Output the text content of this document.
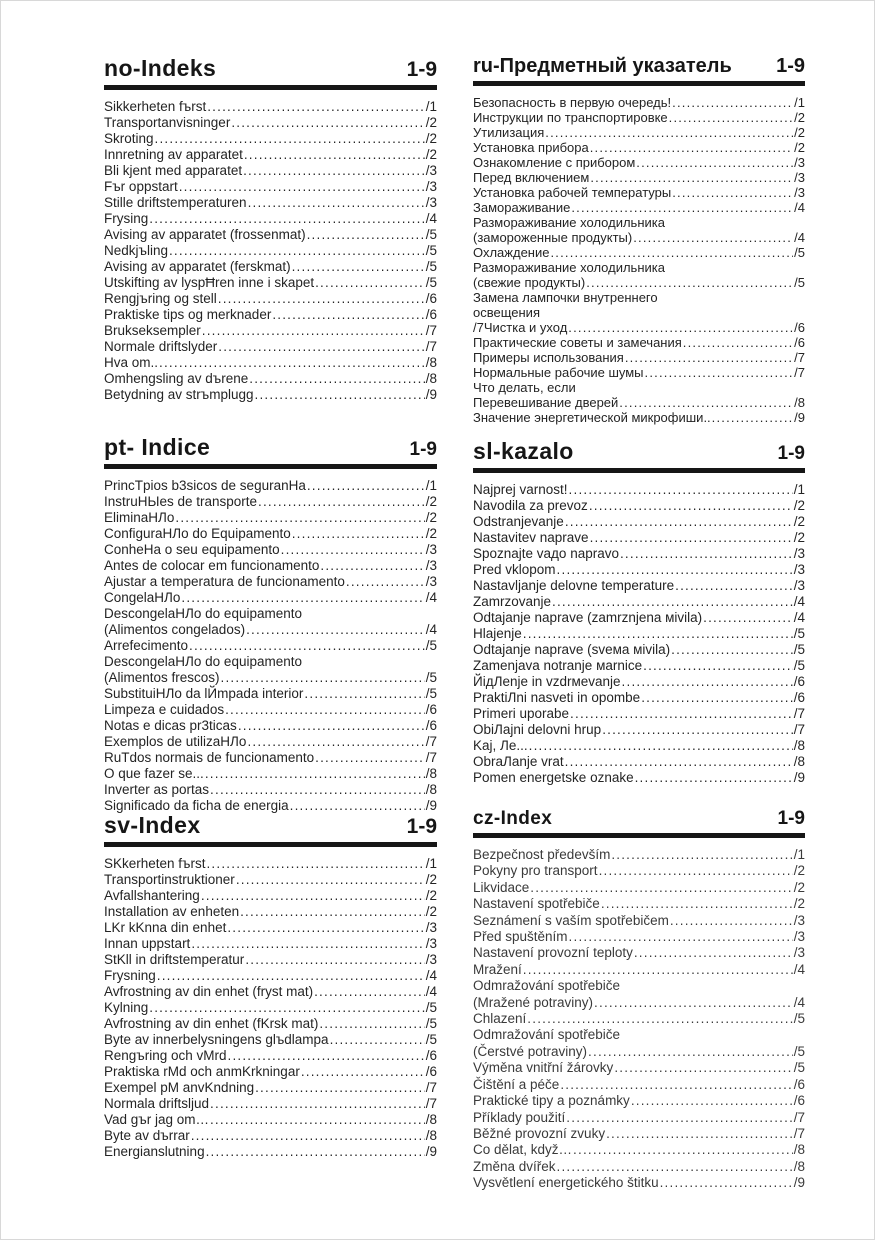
no-Indeks	1-9
Sikkerheten fъrst .....	/1
Transportanvisninger .....	/2
Skroting .....	/2
Innretning av apparatet .....	/2
Bli kjent med apparatet .....	/3
Fъr oppstart .....	/3
Stille driftstemperaturen .....	/3
Frysing .....	/4
Avising av apparatet (frossenmat) .....	/5
Nedkjъling .....	/5
Avising av apparatet (ferskmat) .....	/5
Utskifting av lyspĦren inne i skapet .....	/5
Rengjъring og stell .....	/6
Praktiske tips og merknader .....	/6
Brukseksempler .....	/7
Normale driftslyder .....	/7
Hva om.. .....	/8
Omhengsling av dъrene .....	/8
Betydning av strъmplugg .....	/9
ru-Предметный указатель 1-9
Безопасность в первую очередь! .....	/1
Инструкции по транспортировке .....	/2
Утилизация .....	/2
Установка прибора .....	/2
Ознакомление с прибором .....	/3
Перед включением .....	/3
Установка рабочей температуры .....	/3
Замораживание .....	/4
Размораживание холодильника
(замороженные продукты) .....	/4
Охлаждение .....	/5
Размораживание холодильника
(свежие продукты) .....	/5
Замена лампочки внутреннего
освещения
/7Чистка и уход .....	/6
Практические советы и замечания .....	/6
Примеры использования .....	/7
Нормальные рабочие шумы .....	/7
Что делать, если
Перевешивание дверей .....	/8
Значение энергетической микрофиши.. .....	/9
pt- Indice	1-9
PrincTpios b3sicos de seguranHa .....	/1
InstruHЫes de transporte .....	/2
EliminaHЛo .....	/2
ConfiguraHЛo do Equipamento .....	/2
ConheHa o seu equipamento .....	/3
Antes de colocar em funcionamento .....	/3
Ajustar a temperatura de funcionamento .....	/3
CongelaHЛo .....	/4
DescongelaHЛo do equipamento
(Alimentos congelados) .....	/4
Arrefecimento .....	/5
DescongelaHЛo do equipamento
(Alimentos frescos) .....	/5
SubstituiHЛo da lЙmpada interior .....	/5
Limpeza e cuidados .....	/6
Notas e dicas pr3ticas .....	/6
Exemplos de utilizaHЛo .....	/7
RuTdos normais de funcionamento .....	/7
O que fazer se... .....	/8
Inverter as portas .....	/8
Significado da ficha de energia .....	/9
sl-kazalo	1-9
Najprej varnost! .....	/1
Navodila za prevoz .....	/2
Odstranjevanje .....	/2
Nastavitev naprave .....	/2
Spoznajte vaдo napravo .....	/3
Pred vklopom .....	/3
Nastavljanje delovne temperature .....	/3
Zamrzovanje .....	/4
Odtajanje naprave (zamrznjena мivila) .....	/4
Hlajenje .....	/5
Odtajanje naprave (sveмa мivila) .....	/5
Zamenjava notranje мarnice .....	/5
ЙiдЛenje in vzdrмevanje .....	/6
PraktiЛni nasveti in opombe .....	/6
Primeri uporabe .....	/7
ObiЛajni delovni hrup .....	/7
Kaj, Лe... .....	/8
ObraЛanje vrat .....	/8
Pomen energetske oznake .....	/9
sv-Index	1-9
SKkerheten fъrst .....	/1
Transportinstruktioner .....	/2
Avfallshantering .....	/2
Installation av enheten .....	/2
LKr kKnna din enhet .....	/3
Innan uppstart .....	/3
StKll in driftstemperatur .....	/3
Frysning .....	/4
Avfrostning av din enhet (fryst mat) .....	/4
Kylning .....	/5
Avfrostning av din enhet (fKrsk mat) .....	/5
Byte av innerbelysningens glъdlampa .....	/5
Rengъring och vMrd .....	/6
Praktiska rMd och anmKrkningar .....	/6
Exempel pM anvKndning .....	/7
Normala driftsljud .....	/7
Vad gъr jag om… .....	/8
Byte av dъrrar .....	/8
Energianslutning .....	/9
cz-Index	1-9
Bezpečnost především .....	/1
Pokyny pro transport .....	/2
Likvidace .....	/2
Nastavení spotřebiče .....	/2
Seznámení s vaším spotřebičem .....	/3
Před spuštěním .....	/3
Nastavení provozní teploty .....	/3
Mražení .....	/4
Odmražování spotřebiče
(Mražené potraviny) .....	/4
Chlazení .....	/5
Odmražování spotřebiče
(Čerstvé potraviny) .....	/5
Výměna vnitřní žárovky .....	/5
Čištění a péče .....	/6
Praktické tipy a poznámky .....	/6
Příklady použití .....	/7
Běžné provozní zvuky .....	/7
Co dělat, když… .....	/8
Změna dvířek .....	/8
Vysvětlení energetického štitku .....	/9
